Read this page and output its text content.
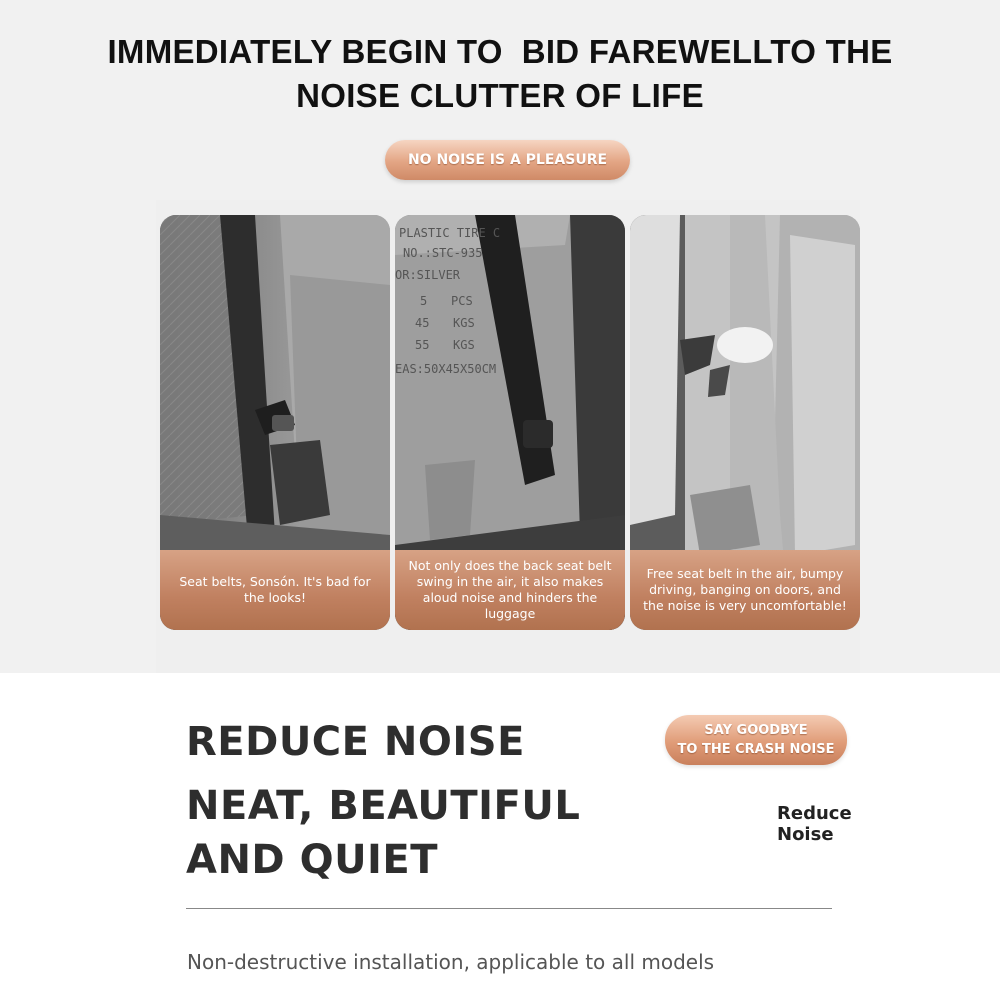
IMMEDIATELY BEGIN TO  BID FAREWELLTO THE
NOISE CLUTTER OF LIFE
NO NOISE IS A PLEASURE
Seat belts, Sonsón. It's bad for the looks!
PLASTIC TIRE C
NO.:STC-935
OR:SILVER
5 PCS
45 KGS
55 KGS
EAS:50X45X50CM
Not only does the back seat belt swing in the air, it also makes aloud noise and hinders the luggage
Free seat belt in the air, bumpy driving, banging on doors, and the noise is very uncomfortable!
REDUCE NOISE
NEAT, BEAUTIFUL
AND QUIET
SAY GOODBYE
TO THE CRASH NOISE
Reduce
Noise
Non-destructive installation, applicable to all models
